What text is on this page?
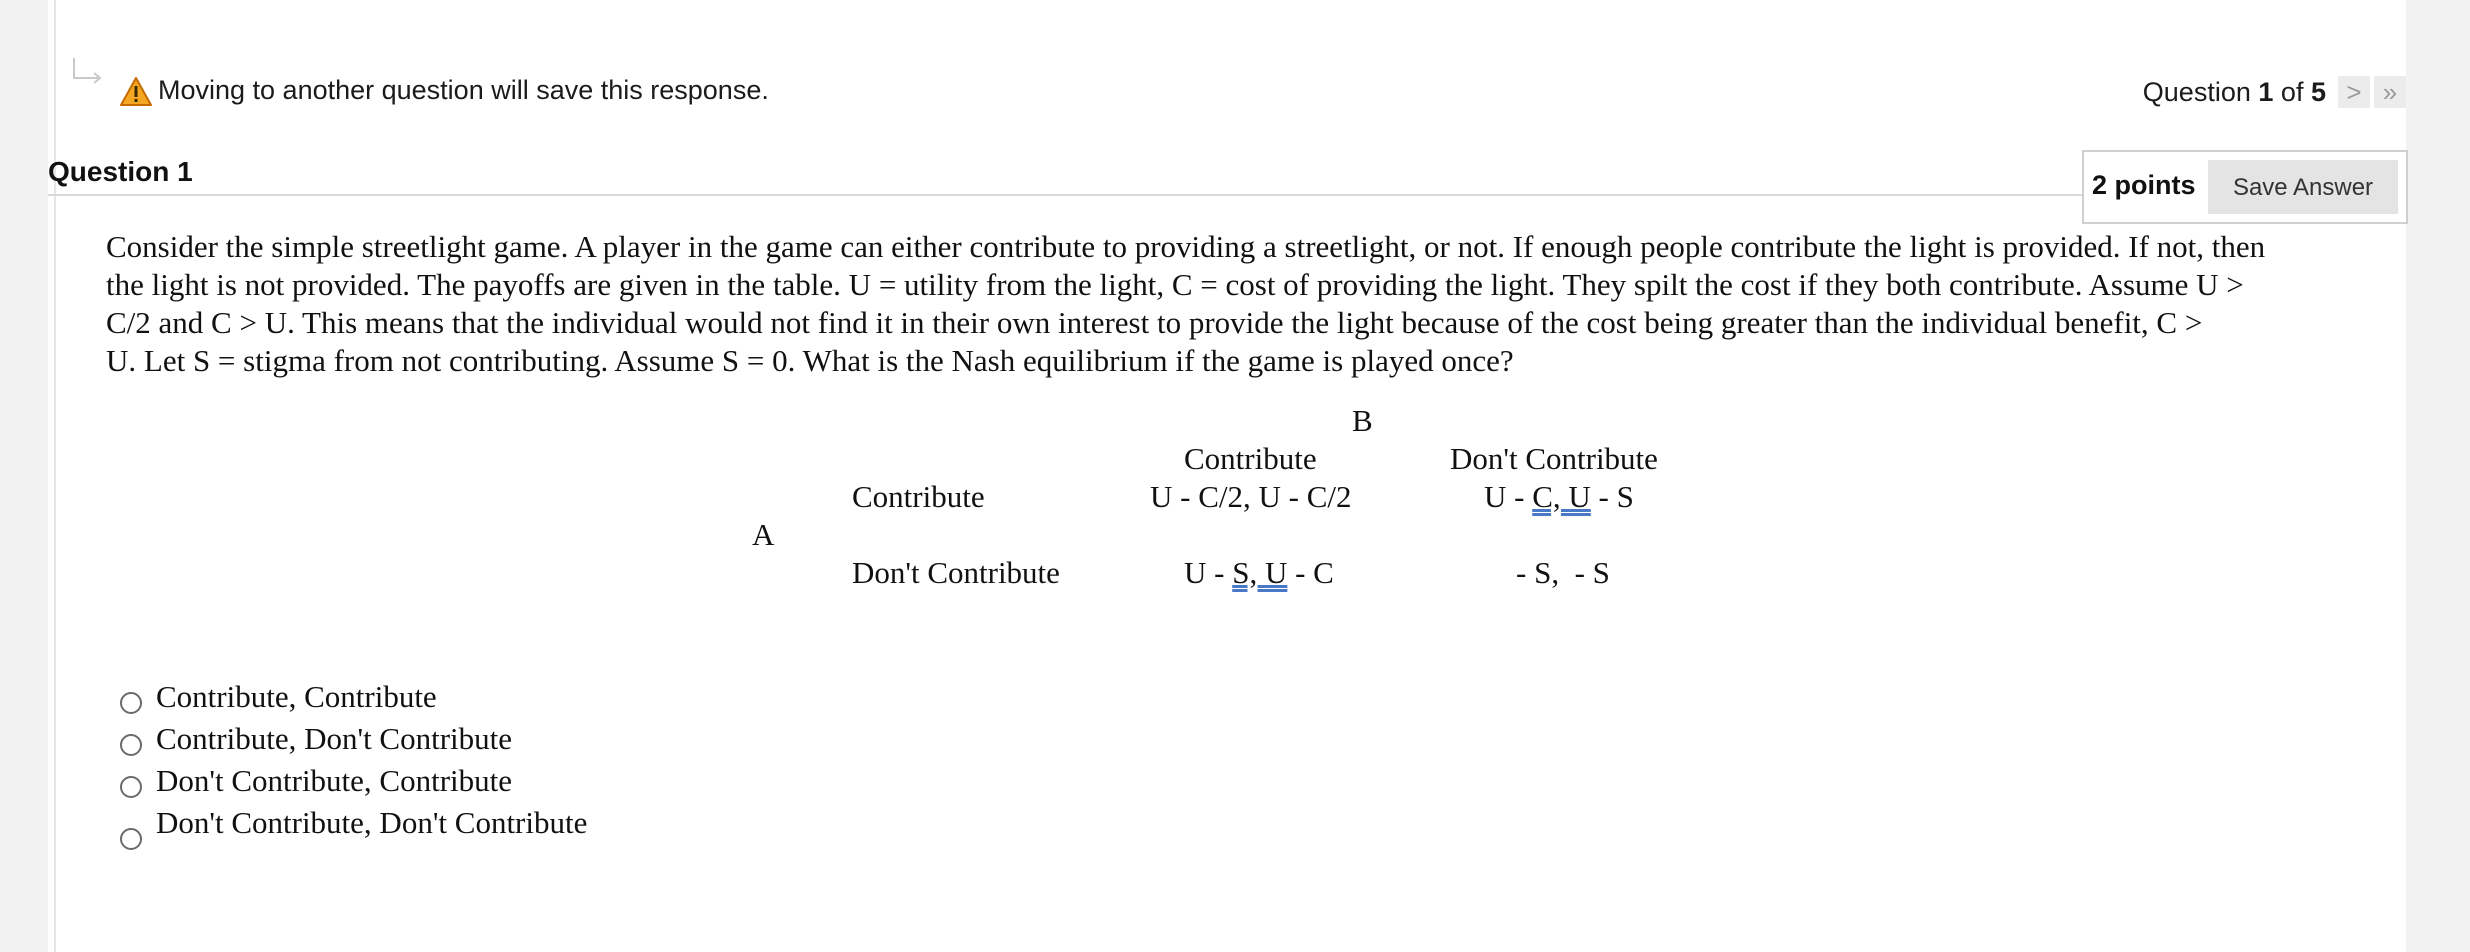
Moving to another question will save this response.	Question 1 of 5 > »
Question 1	2 points	Save Answer
Consider the simple streetlight game. A player in the game can either contribute to providing a streetlight, or not. If enough people contribute the light is provided. If not, then
the light is not provided. The payoffs are given in the table. U = utility from the light, C = cost of providing the light. They spilt the cost if they both contribute. Assume U >
C/2 and C > U. This means that the individual would not find it in their own interest to provide the light because of the cost being greater than the individual benefit, C >
U. Let S = stigma from not contributing. Assume S = 0. What is the Nash equilibrium if the game is played once?
B
Contribute	Don't Contribute
Contribute	U - C/2, U - C/2	U - C, U - S
A
Don't Contribute	U - S, U - C	- S,  - S
Contribute, Contribute
Contribute, Don't Contribute
Don't Contribute, Contribute
Don't Contribute, Don't Contribute
